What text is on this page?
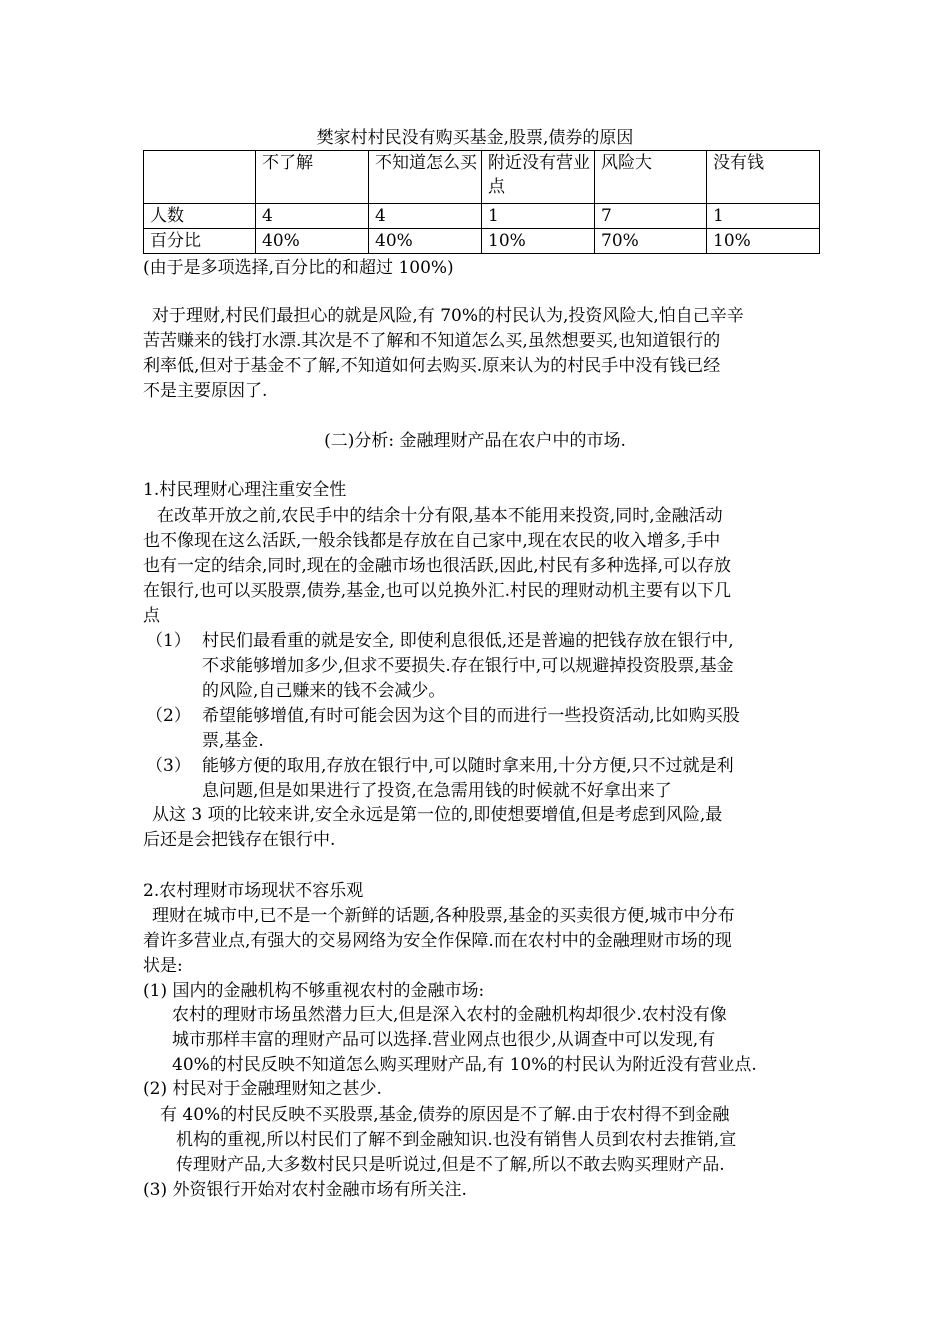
樊家村村民没有购买基金,股票,债券的原因
	不了解	不知道怎么买	附近没有营业点	风险大	没有钱
人数	4	4	1	7	1
百分比	40%	40%	10%	70%	10%
(由于是多项选择,百分比的和超过 100%)
对于理财,村民们最担心的就是风险,有 70%的村民认为,投资风险大,怕自己辛辛
苦苦赚来的钱打水漂.其次是不了解和不知道怎么买,虽然想要买,也知道银行的
利率低,但对于基金不了解,不知道如何去购买.原来认为的村民手中没有钱已经
不是主要原因了.
(二)分析: 金融理财产品在农户中的市场.
1.村民理财心理注重安全性
在改革开放之前,农民手中的结余十分有限,基本不能用来投资,同时,金融活动
也不像现在这么活跃,一般余钱都是存放在自己家中,现在农民的收入增多,手中
也有一定的结余,同时,现在的金融市场也很活跃,因此,村民有多种选择,可以存放
在银行,也可以买股票,债券,基金,也可以兑换外汇.村民的理财动机主要有以下几
点
（1） 村民们最看重的就是安全, 即使利息很低,还是普遍的把钱存放在银行中,
不求能够增加多少,但求不要损失.存在银行中,可以规避掉投资股票,基金
的风险,自己赚来的钱不会减少。
（2） 希望能够增值,有时可能会因为这个目的而进行一些投资活动,比如购买股
票,基金.
（3） 能够方便的取用,存放在银行中,可以随时拿来用,十分方便,只不过就是利
息问题,但是如果进行了投资,在急需用钱的时候就不好拿出来了
从这 3 项的比较来讲,安全永远是第一位的,即使想要增值,但是考虑到风险,最
后还是会把钱存在银行中.
2.农村理财市场现状不容乐观
理财在城市中,已不是一个新鲜的话题,各种股票,基金的买卖很方便,城市中分布
着许多营业点,有强大的交易网络为安全作保障.而在农村中的金融理财市场的现
状是:
(1) 国内的金融机构不够重视农村的金融市场:
农村的理财市场虽然潜力巨大,但是深入农村的金融机构却很少.农村没有像
城市那样丰富的理财产品可以选择.营业网点也很少,从调查中可以发现,有
40%的村民反映不知道怎么购买理财产品,有 10%的村民认为附近没有营业点.
(2) 村民对于金融理财知之甚少.
有 40%的村民反映不买股票,基金,债券的原因是不了解.由于农村得不到金融
机构的重视,所以村民们了解不到金融知识.也没有销售人员到农村去推销,宣
传理财产品,大多数村民只是听说过,但是不了解,所以不敢去购买理财产品.
(3) 外资银行开始对农村金融市场有所关注.
